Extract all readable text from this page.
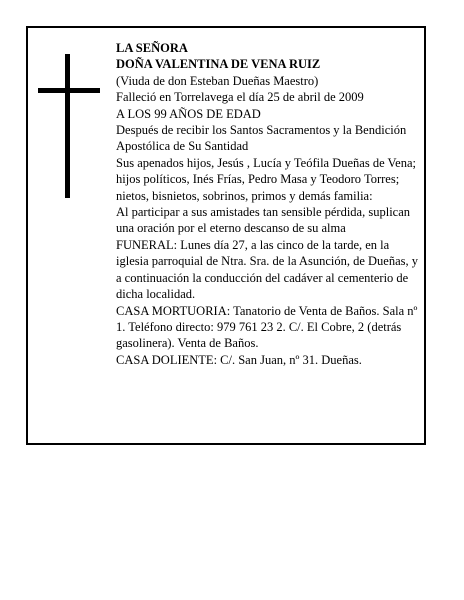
LA SEÑORA

DOÑA VALENTINA DE VENA RUIZ

(Viuda de don Esteban Dueñas Maestro)

Falleció en Torrelavega el día 25 de abril de 2009

A LOS 99 AÑOS DE EDAD

Después de recibir los Santos Sacramentos y la Bendición Apostólica de Su Santidad

Sus apenados hijos, Jesús , Lucía y Teófila Dueñas de Vena; hijos políticos, Inés Frías, Pedro Masa y Teodoro Torres; nietos, bisnietos, sobrinos, primos y demás familia:

Al participar a sus amistades tan sensible pérdida, suplican una oración por el eterno descanso de su alma

FUNERAL: Lunes día 27, a las cinco de la tarde, en la iglesia parroquial de Ntra. Sra. de la Asunción, de Dueñas, y a continuación la conducción del cadáver al cementerio de dicha localidad.

CASA MORTUORIA: Tanatorio de Venta de Baños. Sala nº 1. Teléfono directo: 979 761 23 2. C/. El Cobre, 2 (detrás gasolinera). Venta de Baños.

CASA DOLIENTE: C/. San Juan, nº 31. Dueñas.
